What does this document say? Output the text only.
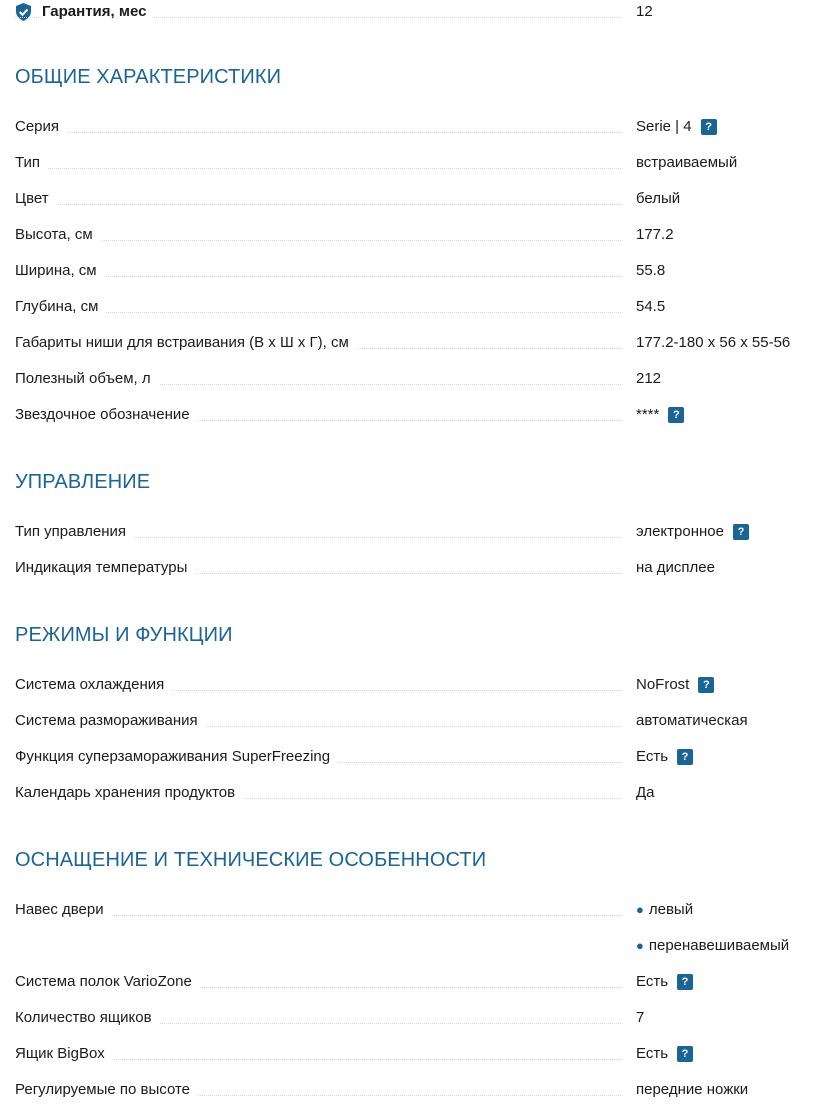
Гарантия, мес	12
ОБЩИЕ ХАРАКТЕРИСТИКИ
Серия	Serie | 4	?
Тип	встраиваемый
Цвет	белый
Высота, см	177.2
Ширина, см	55.8
Глубина, см	54.5
Габариты ниши для встраивания (В х Ш х Г), см	177.2-180 х 56 х 55-56
Полезный объем, л	212
Звездочное обозначение	****	?
УПРАВЛЕНИЕ
Тип управления	электронное	?
Индикация температуры	на дисплее
РЕЖИМЫ И ФУНКЦИИ
Система охлаждения	NoFrost	?
Система размораживания	автоматическая
Функция суперзамораживания SuperFreezing	Есть	?
Календарь хранения продуктов	Да
ОСНАЩЕНИЕ И ТЕХНИЧЕСКИЕ ОСОБЕННОСТИ
Навес двери	● левый
● перенавешиваемый
Система полок VarioZone	Есть	?
Количество ящиков	7
Ящик BigBox	Есть	?
Регулируемые по высоте	передние ножки
